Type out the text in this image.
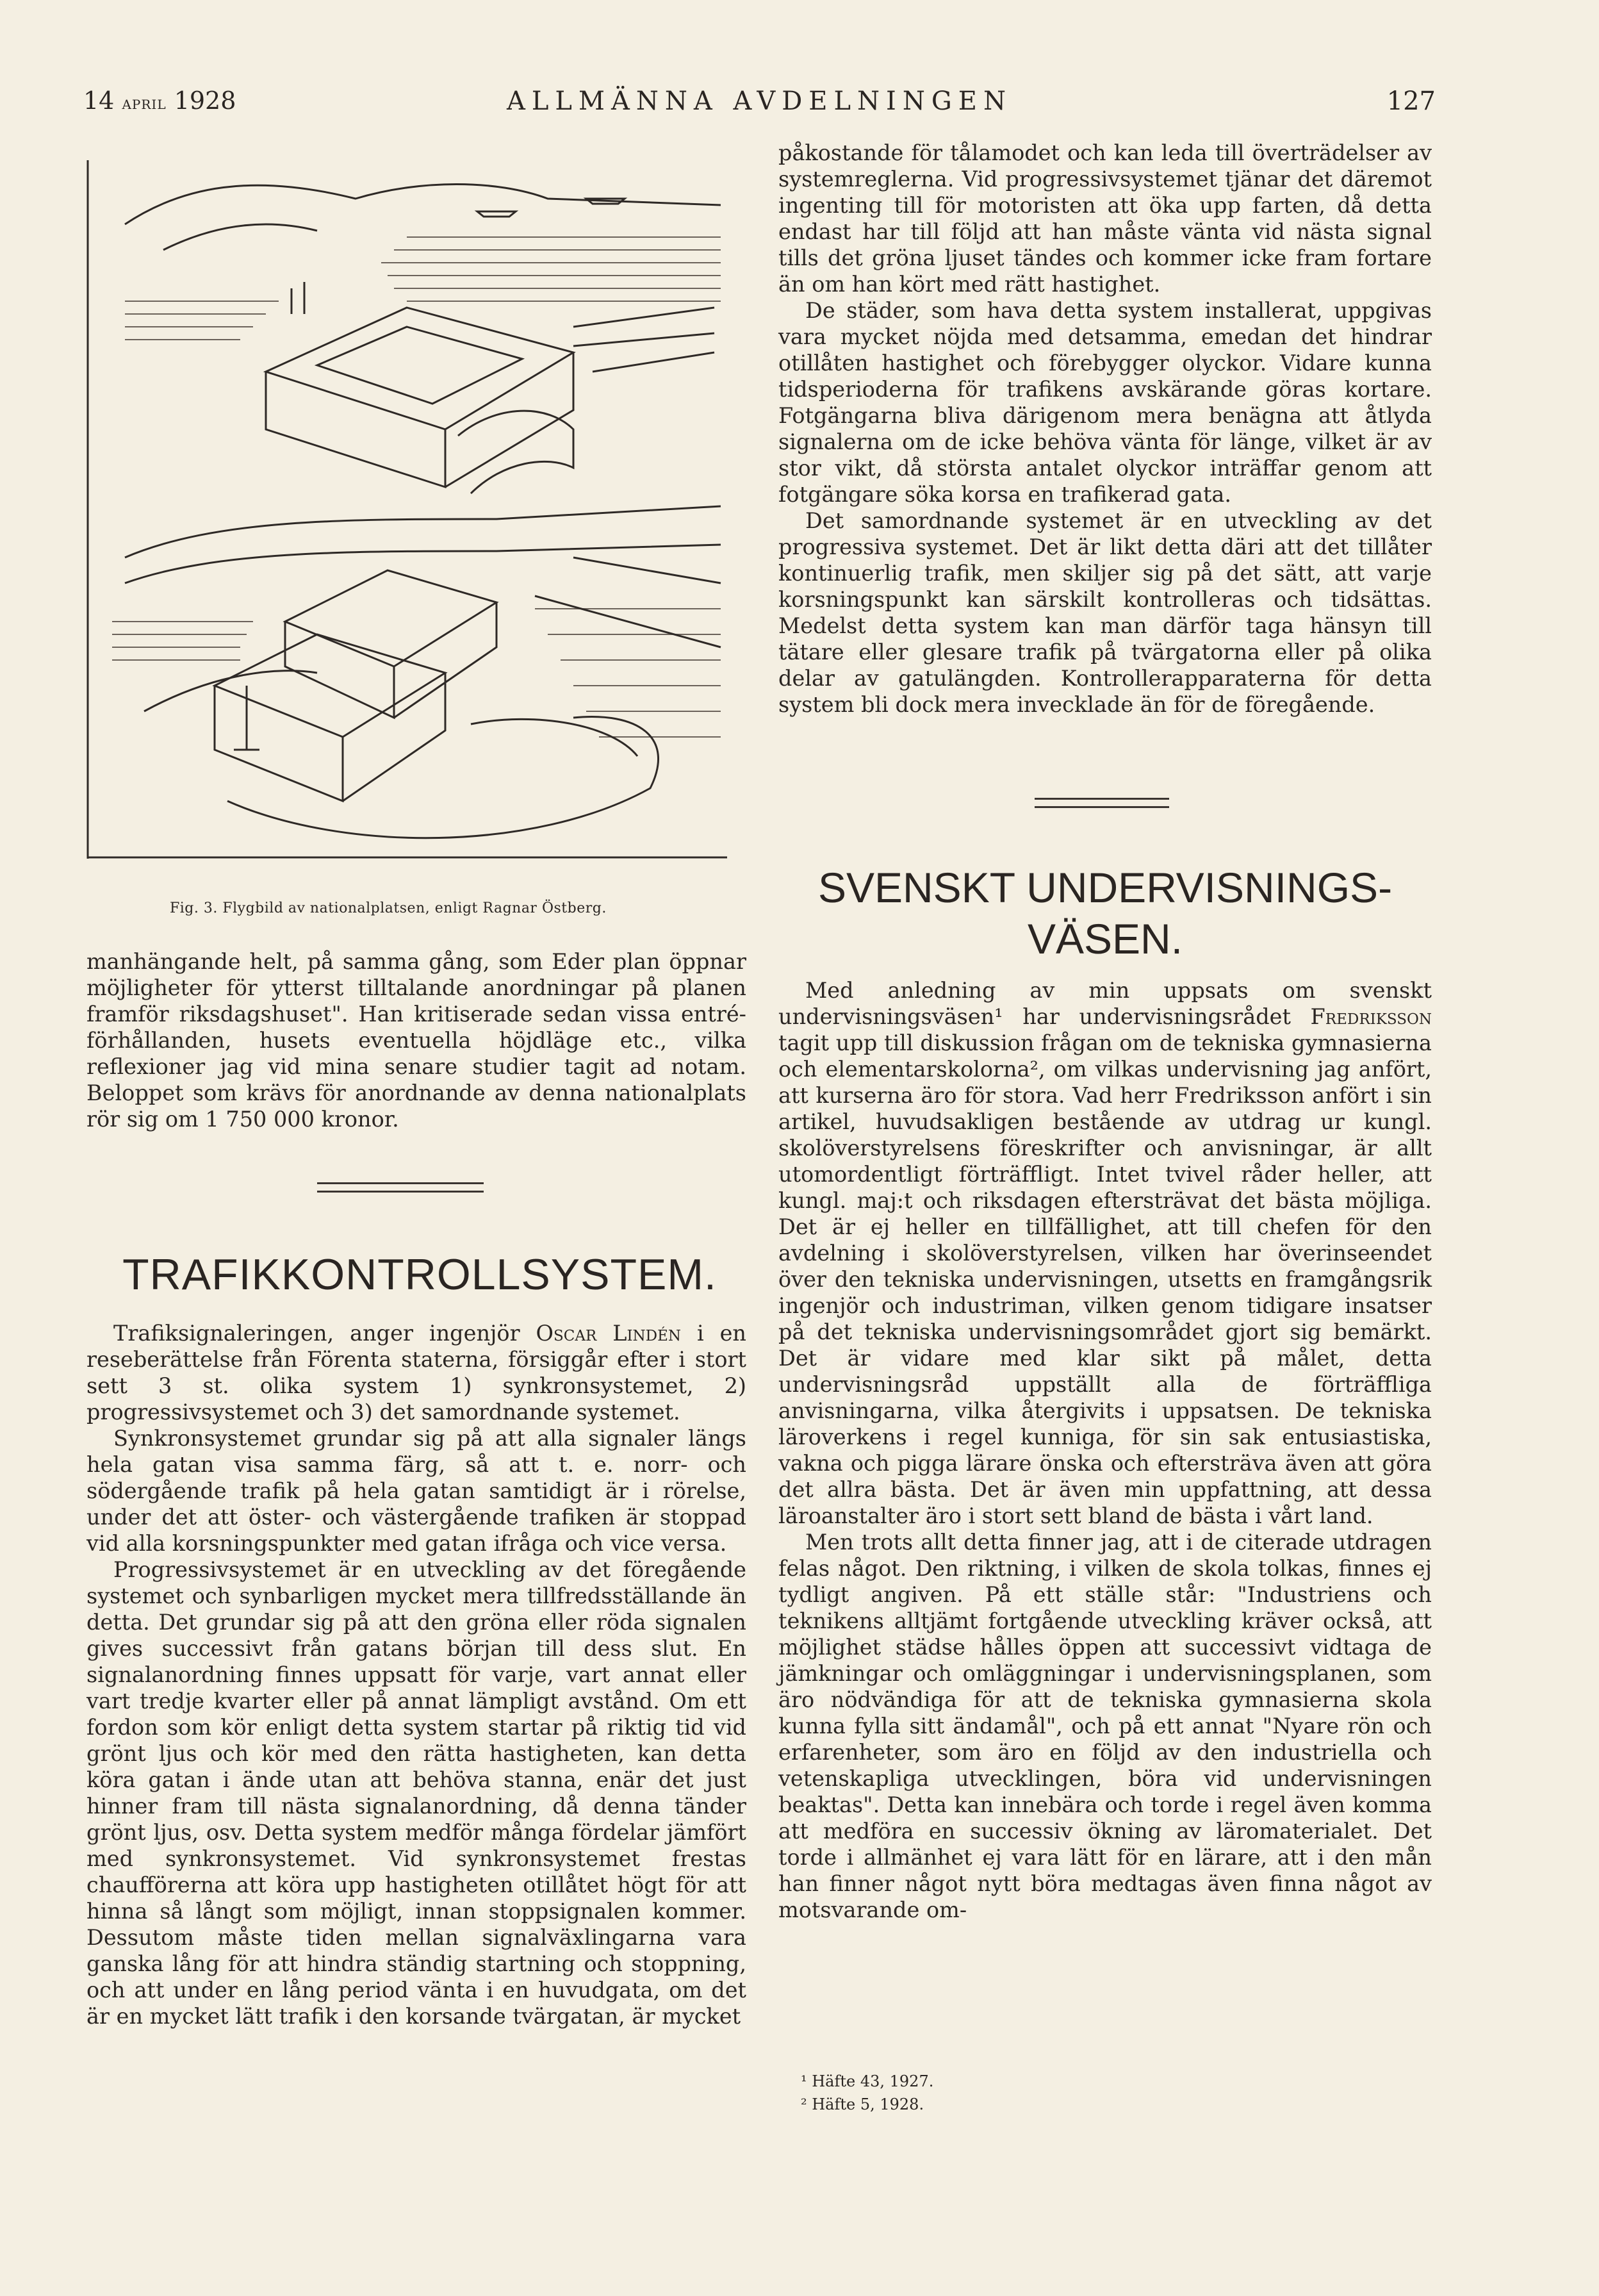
14 april 1928	ALLMÄNNA AVDELNINGEN	127
Fig. 3. Flygbild av nationalplatsen, enligt Ragnar Östberg.

manhängande helt, på samma gång, som Eder plan öppnar möjligheter för ytterst tilltalande anordningar på planen framför riksdagshuset". Han kritiserade sedan vissa entré-förhållanden, husets eventuella höjdläge etc., vilka reflexioner jag vid mina senare studier tagit ad notam. Beloppet som krävs för anordnande av denna nationalplats rör sig om 1 750 000 kronor.

TRAFIKKONTROLLSYSTEM.

Trafiksignaleringen, anger ingenjör Oscar Lindén i en reseberättelse från Förenta staterna, försiggår efter i stort sett 3 st. olika system 1) synkronsystemet, 2) progressivsystemet och 3) det samordnande systemet.

Synkronsystemet grundar sig på att alla signaler längs hela gatan visa samma färg, så att t. e. norr- och södergående trafik på hela gatan samtidigt är i rörelse, under det att öster- och västergående trafiken är stoppad vid alla korsningspunkter med gatan ifråga och vice versa.

Progressivsystemet är en utveckling av det föregående systemet och synbarligen mycket mera tillfredsställande än detta. Det grundar sig på att den gröna eller röda signalen gives successivt från gatans början till dess slut. En signalanordning finnes uppsatt för varje, vart annat eller vart tredje kvarter eller på annat lämpligt avstånd. Om ett fordon som kör enligt detta system startar på riktig tid vid grönt ljus och kör med den rätta hastigheten, kan detta köra gatan i ände utan att behöva stanna, enär det just hinner fram till nästa signalanordning, då denna tänder grönt ljus, osv. Detta system medför många fördelar jämfört med synkronsystemet. Vid synkronsystemet frestas chaufförerna att köra upp hastigheten otillåtet högt för att hinna så långt som möjligt, innan stoppsignalen kommer. Dessutom måste tiden mellan signalväxlingarna vara ganska lång för att hindra ständig startning och stoppning, och att under en lång period vänta i en huvudgata, om det är en mycket lätt trafik i den korsande tvärgatan, är mycket

påkostande för tålamodet och kan leda till överträdelser av systemreglerna. Vid progressivsystemet tjänar det däremot ingenting till för motoristen att öka upp farten, då detta endast har till följd att han måste vänta vid nästa signal tills det gröna ljuset tändes och kommer icke fram fortare än om han kört med rätt hastighet.

De städer, som hava detta system installerat, uppgivas vara mycket nöjda med detsamma, emedan det hindrar otillåten hastighet och förebygger olyckor. Vidare kunna tidsperioderna för trafikens avskärande göras kortare. Fotgängarna bliva därigenom mera benägna att åtlyda signalerna om de icke behöva vänta för länge, vilket är av stor vikt, då största antalet olyckor inträffar genom att fotgängare söka korsa en trafikerad gata.

Det samordnande systemet är en utveckling av det progressiva systemet. Det är likt detta däri att det tillåter kontinuerlig trafik, men skiljer sig på det sätt, att varje korsningspunkt kan särskilt kontrolleras och tidsättas. Medelst detta system kan man därför taga hänsyn till tätare eller glesare trafik på tvärgatorna eller på olika delar av gatulängden. Kontrollerapparaterna för detta system bli dock mera invecklade än för de föregående.

SVENSKT UNDERVISNINGS-
VÄSEN.

Med anledning av min uppsats om svenskt undervisningsväsen¹ har undervisningsrådet Fredriksson tagit upp till diskussion frågan om de tekniska gymnasierna och elementarskolorna², om vilkas undervisning jag anfört, att kurserna äro för stora. Vad herr Fredriksson anfört i sin artikel, huvudsakligen bestående av utdrag ur kungl. skolöverstyrelsens föreskrifter och anvisningar, är allt utomordentligt förträffligt. Intet tvivel råder heller, att kungl. maj:t och riksdagen eftersträvat det bästa möjliga. Det är ej heller en tillfällighet, att till chefen för den avdelning i skolöverstyrelsen, vilken har överinseendet över den tekniska undervisningen, utsetts en framgångsrik ingenjör och industriman, vilken genom tidigare insatser på det tekniska undervisningsområdet gjort sig bemärkt. Det är vidare med klar sikt på målet, detta undervisningsråd uppställt alla de förträffliga anvisningarna, vilka återgivits i uppsatsen. De tekniska läroverkens i regel kunniga, för sin sak entusiastiska, vakna och pigga lärare önska och eftersträva även att göra det allra bästa. Det är även min uppfattning, att dessa läroanstalter äro i stort sett bland de bästa i vårt land.

Men trots allt detta finner jag, att i de citerade utdragen felas något. Den riktning, i vilken de skola tolkas, finnes ej tydligt angiven. På ett ställe står: "Industriens och teknikens alltjämt fortgående utveckling kräver också, att möjlighet städse hålles öppen att successivt vidtaga de jämkningar och omläggningar i undervisningsplanen, som äro nödvändiga för att de tekniska gymnasierna skola kunna fylla sitt ändamål", och på ett annat "Nyare rön och erfarenheter, som äro en följd av den industriella och vetenskapliga utvecklingen, böra vid undervisningen beaktas". Detta kan innebära och torde i regel även komma att medföra en successiv ökning av läromaterialet. Det torde i allmänhet ej vara lätt för en lärare, att i den mån han finner något nytt böra medtagas även finna något av motsvarande om-

¹ Häfte 43, 1927.
² Häfte 5, 1928.
